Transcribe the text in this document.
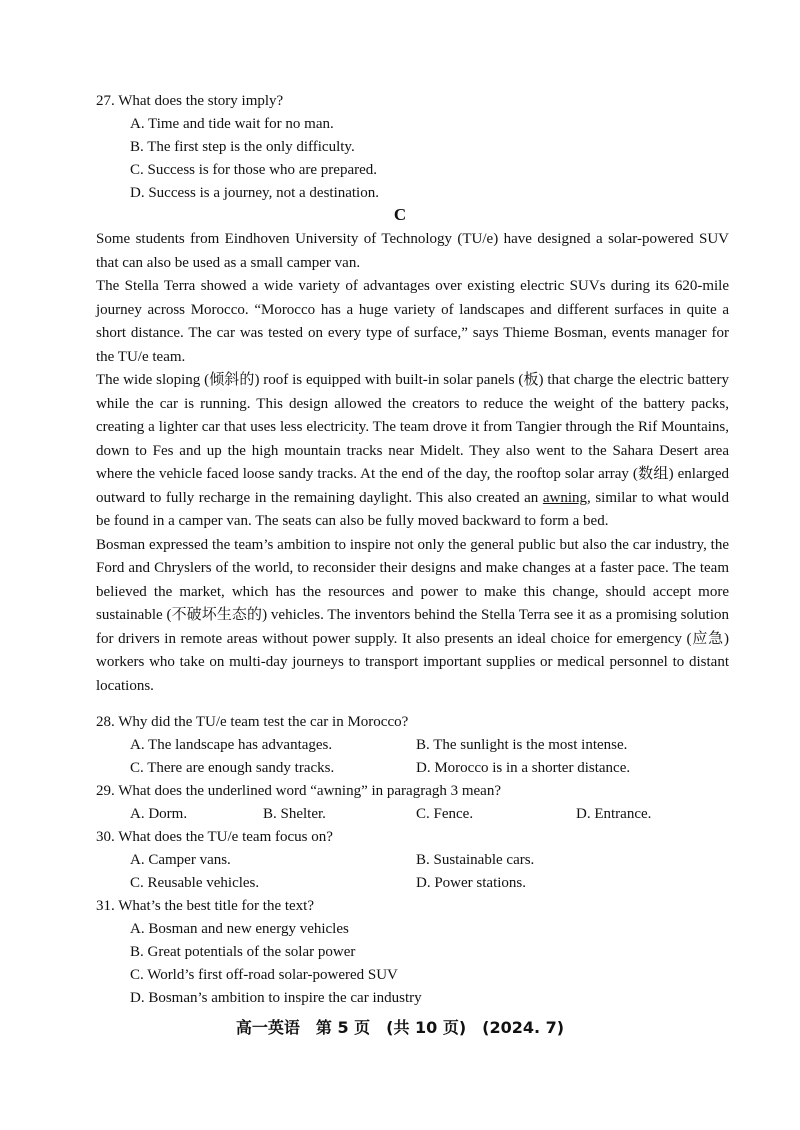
27. What does the story imply?
A. Time and tide wait for no man.
B. The first step is the only difficulty.
C. Success is for those who are prepared.
D. Success is a journey, not a destination.
C

Some students from Eindhoven University of Technology (TU/e) have designed a solar-powered SUV that can also be used as a small camper van.

The Stella Terra showed a wide variety of advantages over existing electric SUVs during its 620-mile journey across Morocco. “Morocco has a huge variety of landscapes and different surfaces in quite a short distance. The car was tested on every type of surface,” says Thieme Bosman, events manager for the TU/e team.

The wide sloping (倾斜的) roof is equipped with built-in solar panels (板) that charge the electric battery while the car is running. This design allowed the creators to reduce the weight of the battery packs, creating a lighter car that uses less electricity. The team drove it from Tangier through the Rif Mountains, down to Fes and up the high mountain tracks near Midelt. They also went to the Sahara Desert area where the vehicle faced loose sandy tracks. At the end of the day, the rooftop solar array (数组) enlarged outward to fully recharge in the remaining daylight. This also created an awning, similar to what would be found in a camper van. The seats can also be fully moved backward to form a bed.

Bosman expressed the team’s ambition to inspire not only the general public but also the car industry, the Ford and Chryslers of the world, to reconsider their designs and make changes at a faster pace. The team believed the market, which has the resources and power to make this change, should accept more sustainable (不破坏生态的) vehicles. The inventors behind the Stella Terra see it as a promising solution for drivers in remote areas without power supply. It also presents an ideal choice for emergency (应急) workers who take on multi-day journeys to transport important supplies or medical personnel to distant locations.

28. Why did the TU/e team test the car in Morocco?
A. The landscape has advantages.	B. The sunlight is the most intense.
C. There are enough sandy tracks.	D. Morocco is in a shorter distance.
29. What does the underlined word “awning” in paragragh 3 mean?
A. Dorm.	B. Shelter.	C. Fence.	D. Entrance.
30. What does the TU/e team focus on?
A. Camper vans.	B. Sustainable cars.
C. Reusable vehicles.	D. Power stations.
31. What’s the best title for the text?
A. Bosman and new energy vehicles
B. Great potentials of the solar power
C. World’s first off-road solar-powered SUV
D. Bosman’s ambition to inspire the car industry
高一英语　第 5 页　(共 10 页)　(2024. 7)
